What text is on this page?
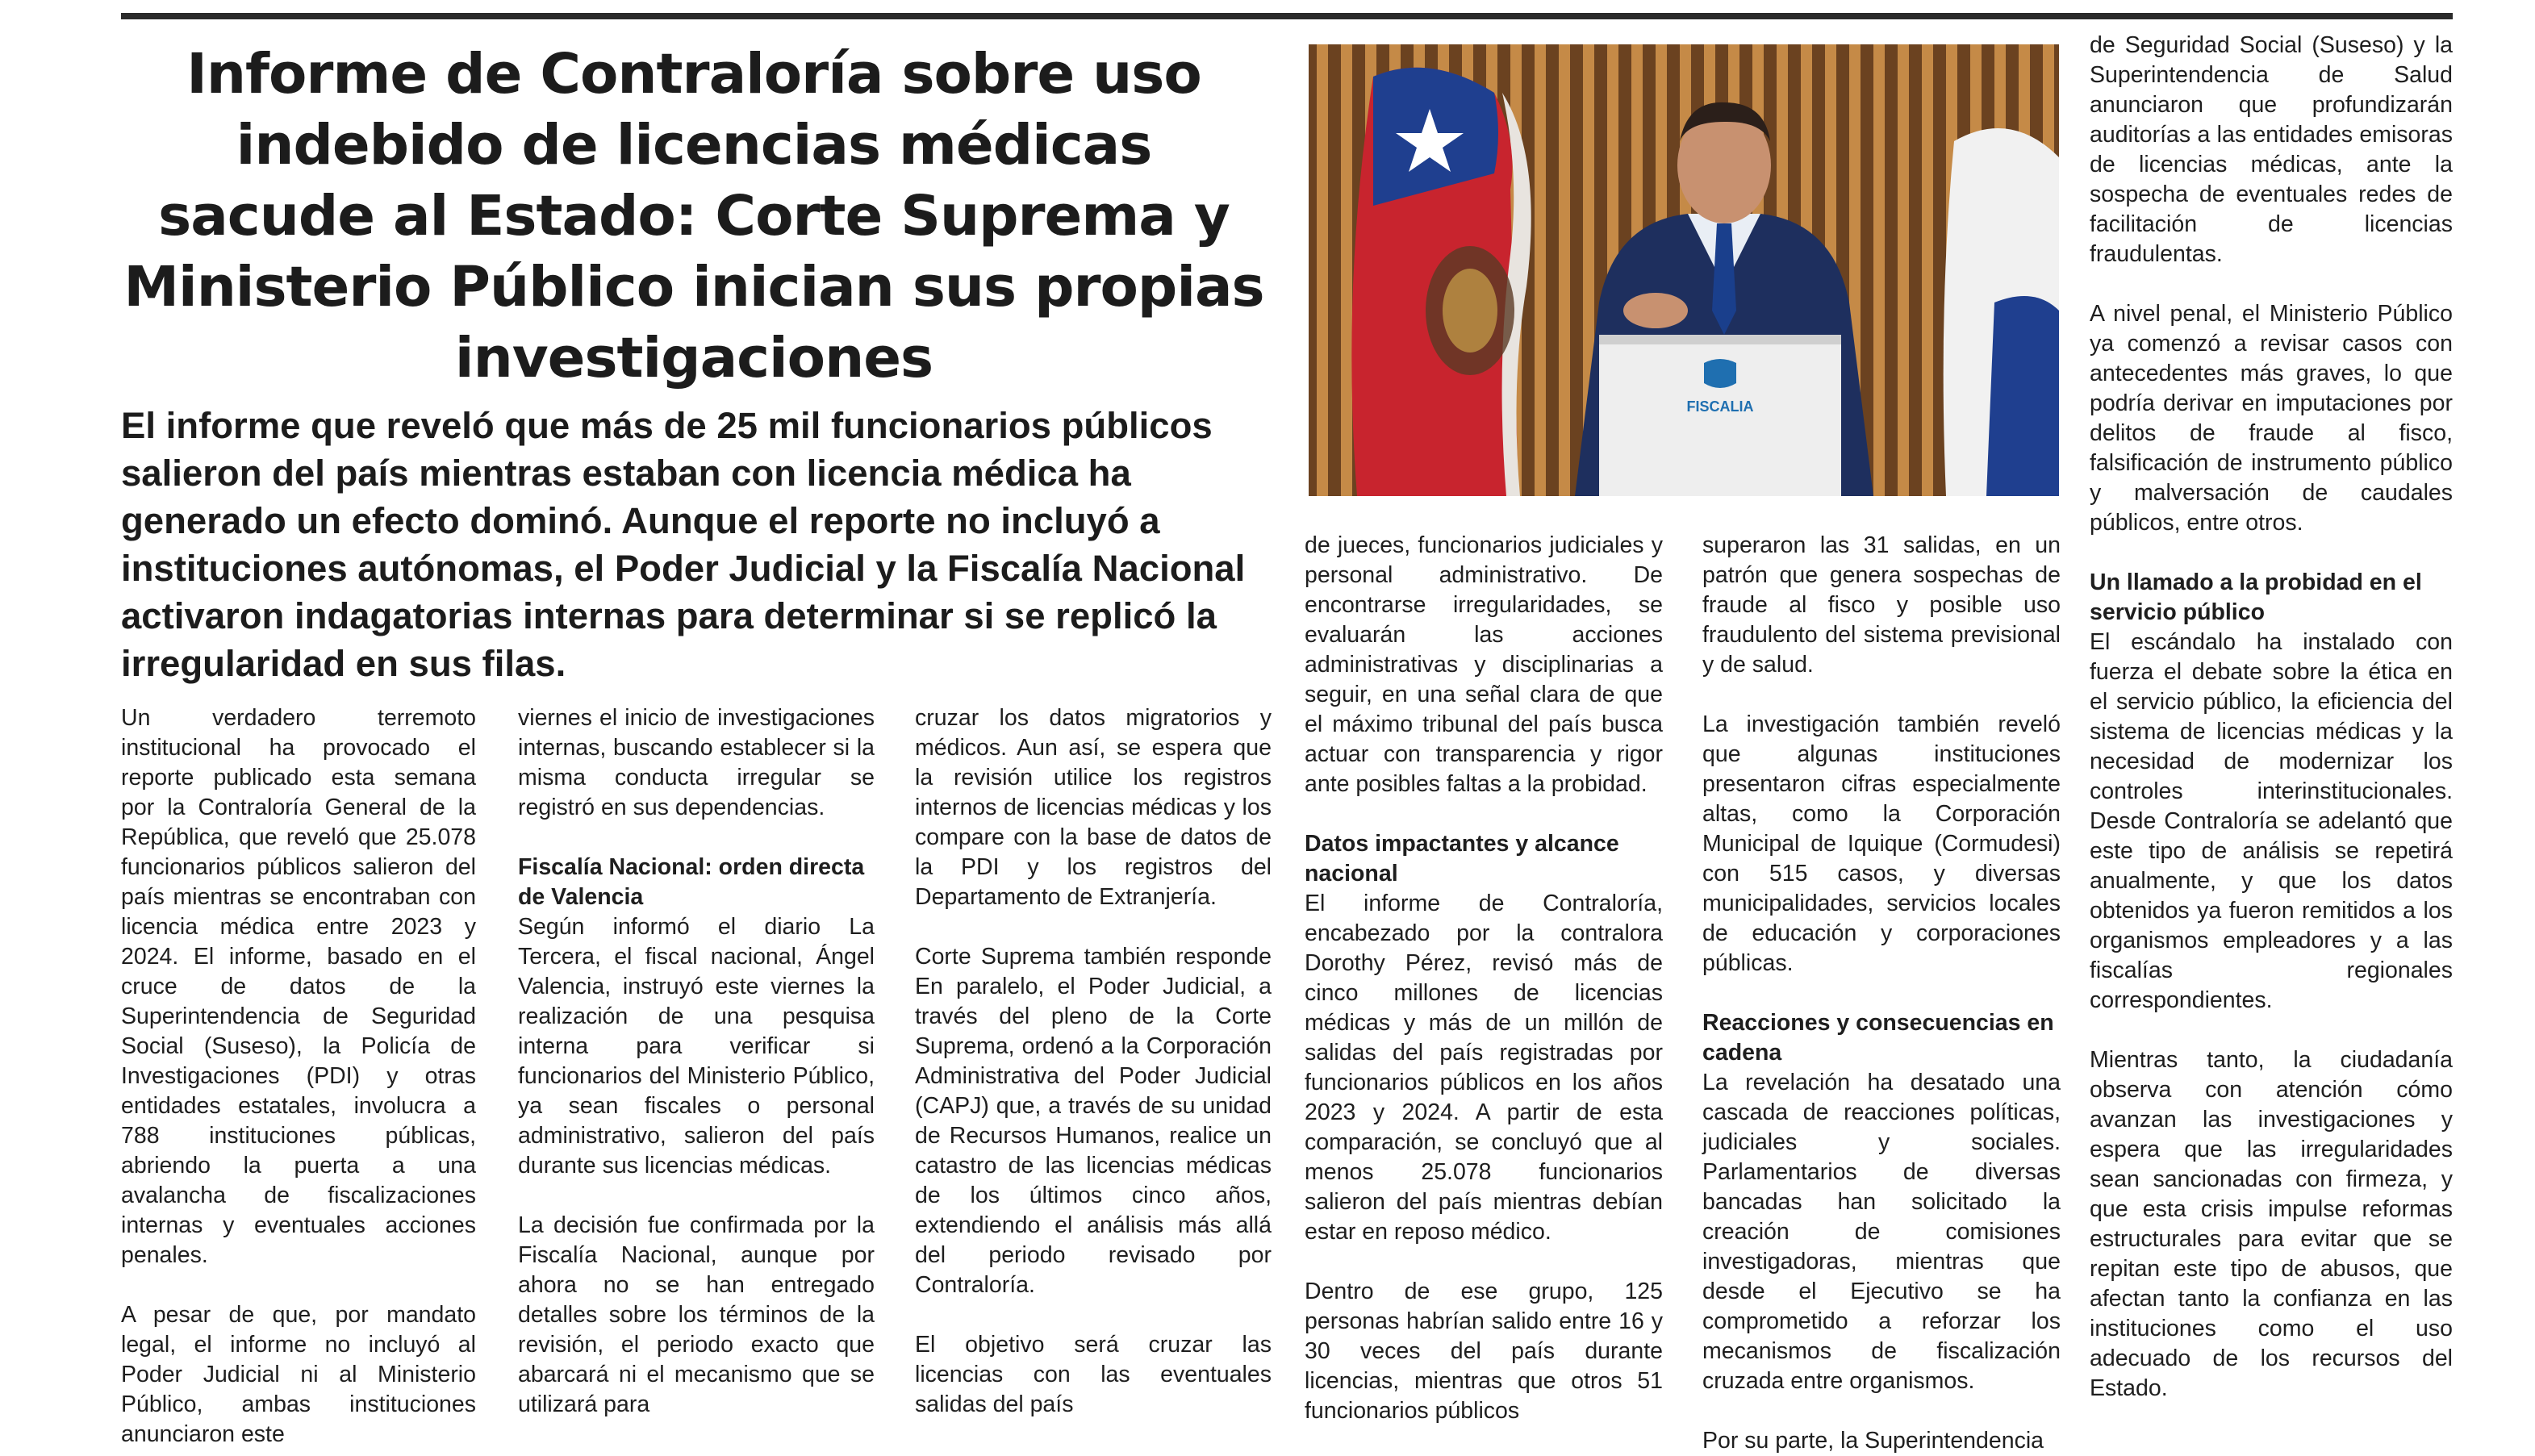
Informe de Contraloría sobre uso indebido de licencias médicas sacude al Estado: Corte Suprema y Ministerio Público inician sus propias investigaciones
El informe que reveló que más de 25 mil funcionarios públicos salieron del país mientras estaban con licencia médica ha generado un efecto dominó. Aunque el reporte no incluyó a instituciones autónomas, el Poder Judicial y la Fiscalía Nacional activaron indagatorias internas para determinar si se replicó la irregularidad en sus filas.
FISCALIA

Un verdadero terremoto institucional ha provocado el reporte publicado esta semana por la Contraloría General de la República, que reveló que 25.078 funcionarios públicos salieron del país mientras se encontraban con licencia médica entre 2023 y 2024. El informe, basado en el cruce de datos de la Superintendencia de Seguridad Social (Suseso), la Policía de Investigaciones (PDI) y otras entidades estatales, involucra a 788 instituciones públicas, abriendo la puerta a una avalancha de fiscalizaciones internas y eventuales acciones penales.

A pesar de que, por mandato legal, el informe no incluyó al Poder Judicial ni al Ministerio Público, ambas instituciones anunciaron este

viernes el inicio de investigaciones internas, buscando establecer si la misma conducta irregular se registró en sus dependencias.

Fiscalía Nacional: orden directa de Valencia

Según informó el diario La Tercera, el fiscal nacional, Ángel Valencia, instruyó este viernes la realización de una pesquisa interna para verificar si funcionarios del Ministerio Público, ya sean fiscales o personal administrativo, salieron del país durante sus licencias médicas.

La decisión fue confirmada por la Fiscalía Nacional, aunque por ahora no se han entregado detalles sobre los términos de la revisión, el periodo exacto que abarcará ni el mecanismo que se utilizará para

cruzar los datos migratorios y médicos. Aun así, se espera que la revisión utilice los registros internos de licencias médicas y los compare con la base de datos de la PDI y los registros del Departamento de Extranjería.

Corte Suprema también responde En paralelo, el Poder Judicial, a través del pleno de la Corte Suprema, ordenó a la Corporación Administrativa del Poder Judicial (CAPJ) que, a través de su unidad de Recursos Humanos, realice un catastro de las licencias médicas de los últimos cinco años, extendiendo el análisis más allá del periodo revisado por Contraloría.

El objetivo será cruzar las licencias con las eventuales salidas del país

de jueces, funcionarios judiciales y personal administrativo. De encontrarse irregularidades, se evaluarán las acciones administrativas y disciplinarias a seguir, en una señal clara de que el máximo tribunal del país busca actuar con transparencia y rigor ante posibles faltas a la probidad.

Datos impactantes y alcance nacional

El informe de Contraloría, encabezado por la contralora Dorothy Pérez, revisó más de cinco millones de licencias médicas y más de un millón de salidas del país registradas por funcionarios públicos en los años 2023 y 2024. A partir de esta comparación, se concluyó que al menos 25.078 funcionarios salieron del país mientras debían estar en reposo médico.

Dentro de ese grupo, 125 personas habrían salido entre 16 y 30 veces del país durante licencias, mientras que otros 51 funcionarios públicos

superaron las 31 salidas, en un patrón que genera sospechas de fraude al fisco y posible uso fraudulento del sistema previsional y de salud.

La investigación también reveló que algunas instituciones presentaron cifras especialmente altas, como la Corporación Municipal de Iquique (Cormudesi) con 515 casos, y diversas municipalidades, servicios locales de educación y corporaciones públicas.

Reacciones y consecuencias en cadena

La revelación ha desatado una cascada de reacciones políticas, judiciales y sociales. Parlamentarios de diversas bancadas han solicitado la creación de comisiones investigadoras, mientras que desde el Ejecutivo se ha comprometido a reforzar los mecanismos de fiscalización cruzada entre organismos.

Por su parte, la Superintendencia

de Seguridad Social (Suseso) y la Superintendencia de Salud anunciaron que profundizarán auditorías a las entidades emisoras de licencias médicas, ante la sospecha de eventuales redes de facilitación de licencias fraudulentas.

A nivel penal, el Ministerio Público ya comenzó a revisar casos con antecedentes más graves, lo que podría derivar en imputaciones por delitos de fraude al fisco, falsificación de instrumento público y malversación de caudales públicos, entre otros.

Un llamado a la probidad en el servicio público

El escándalo ha instalado con fuerza el debate sobre la ética en el servicio público, la eficiencia del sistema de licencias médicas y la necesidad de modernizar los controles interinstitucionales. Desde Contraloría se adelantó que este tipo de análisis se repetirá anualmente, y que los datos obtenidos ya fueron remitidos a los organismos empleadores y a las fiscalías regionales correspondientes.

Mientras tanto, la ciudadanía observa con atención cómo avanzan las investigaciones y espera que las irregularidades sean sancionadas con firmeza, y que esta crisis impulse reformas estructurales para evitar que se repitan este tipo de abusos, que afectan tanto la confianza en las instituciones como el uso adecuado de los recursos del Estado.
